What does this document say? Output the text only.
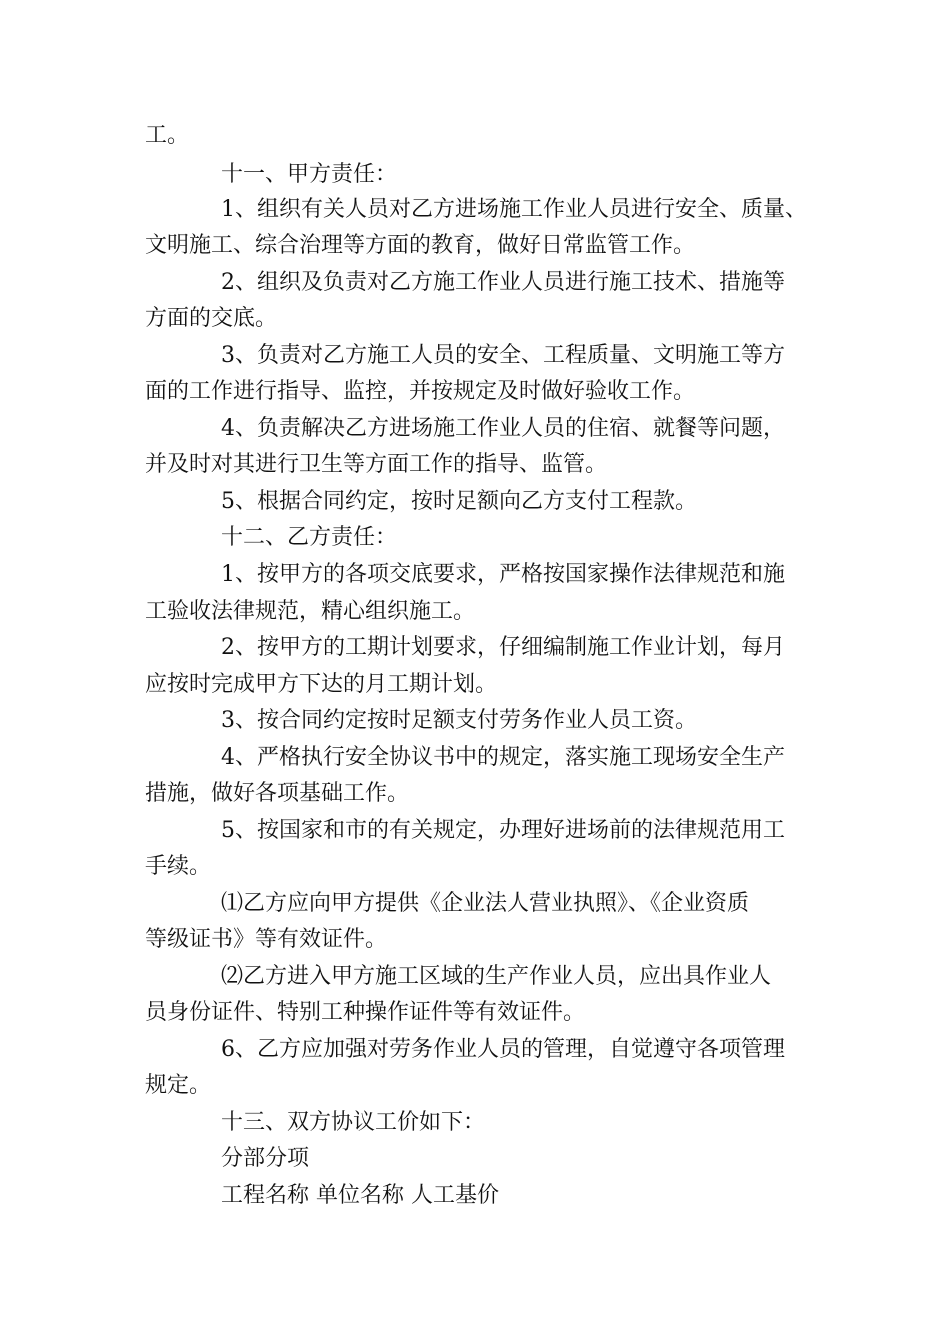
工。
十一、甲方责任：
1、组织有关人员对乙方进场施工作业人员进行安全、质量、
文明施工、综合治理等方面的教育，做好日常监管工作。
2、组织及负责对乙方施工作业人员进行施工技术、措施等
方面的交底。
3、负责对乙方施工人员的安全、工程质量、文明施工等方
面的工作进行指导、监控，并按规定及时做好验收工作。
4、负责解决乙方进场施工作业人员的住宿、就餐等问题，
并及时对其进行卫生等方面工作的指导、监管。
5、根据合同约定，按时足额向乙方支付工程款。
十二、乙方责任：
1、按甲方的各项交底要求，严格按国家操作法律规范和施
工验收法律规范，精心组织施工。
2、按甲方的工期计划要求，仔细编制施工作业计划，每月
应按时完成甲方下达的月工期计划。
3、按合同约定按时足额支付劳务作业人员工资。
4、严格执行安全协议书中的规定，落实施工现场安全生产
措施，做好各项基础工作。
5、按国家和市的有关规定，办理好进场前的法律规范用工
手续。
⑴乙方应向甲方提供《企业法人营业执照》、《企业资质
等级证书》等有效证件。
⑵乙方进入甲方施工区域的生产作业人员，应出具作业人
员身份证件、特别工种操作证件等有效证件。
6、乙方应加强对劳务作业人员的管理，自觉遵守各项管理
规定。
十三、双方协议工价如下：
分部分项
工程名称 单位名称 人工基价
